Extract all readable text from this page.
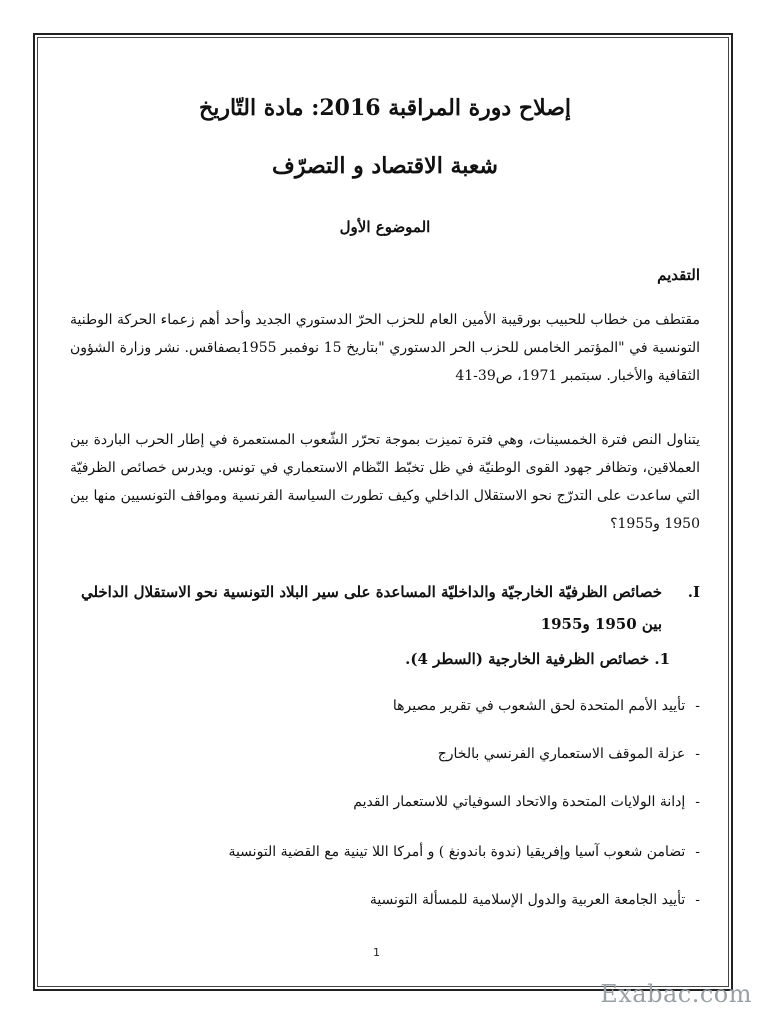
إصلاح دورة المراقبة 2016: مادة التّاريخ
شعبة الاقتصاد و التصرّف
الموضوع الأول
التقديم
مقتطف من خطاب للحبيب بورقيبة الأمين العام للحزب الحرّ الدستوري الجديد وأحد أهم زعماء الحركة الوطنية التونسية في "المؤتمر الخامس للحزب الحر الدستوري "بتاريخ 15 نوفمبر 1955بصفاقس. نشر وزارة الشؤون الثقافية والأخبار. سبتمبر 1971، ص39-41
يتناول النص فترة الخمسينات، وهي فترة تميزت بموجة تحرّر الشّعوب المستعمرة في إطار الحرب الباردة بين العملاقين، وتظافر جهود القوى الوطنيّة في ظل تخبّط النّظام الاستعماري في تونس. ويدرس خصائص الظرفيّة التي ساعدت على التدرّج نحو الاستقلال الداخلي وكيف تطورت السياسة الفرنسية ومواقف التونسيين منها بين 1950 و1955؟
I.
خصائص الظرفيّة الخارجيّة والداخليّة المساعدة على سير البلاد التونسية نحو الاستقلال الداخلي بين 1950 و1955
1. خصائص الظرفية الخارجية (السطر 4).
-تأييد الأمم المتحدة لحق الشعوب في تقرير مصيرها
-عزلة الموقف الاستعماري الفرنسي بالخارج
-إدانة الولايات المتحدة والاتحاد السوفياتي للاستعمار القديم
-تضامن شعوب آسيا وإفريقيا (ندوة باندونغ ) و أمركا اللا تينية مع القضية التونسية
-تأييد الجامعة العربية والدول الإسلامية للمسألة التونسية
1
Exabac.com
